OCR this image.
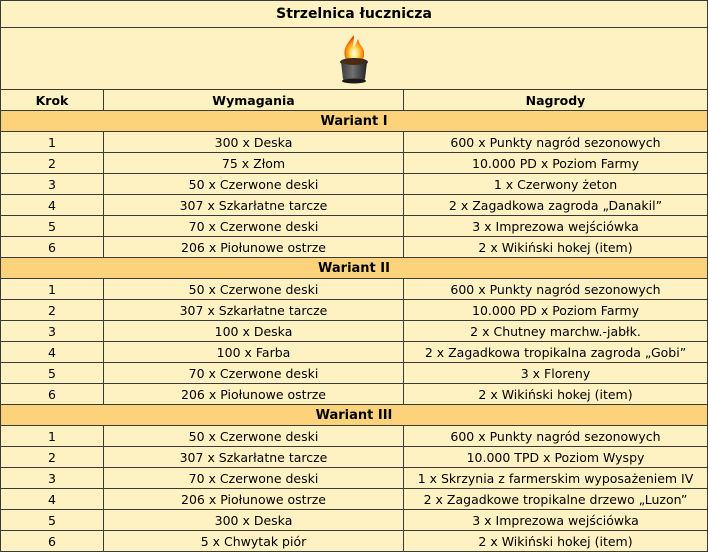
Strzelnica łucznicza
Krok	Wymagania	Nagrody
Wariant I
1	300 x Deska	600 x Punkty nagród sezonowych
2	75 x Złom	10.000 PD x Poziom Farmy
3	50 x Czerwone deski	1 x Czerwony żeton
4	307 x Szkarłatne tarcze	2 x Zagadkowa zagroda „Danakil”
5	70 x Czerwone deski	3 x Imprezowa wejściówka
6	206 x Piołunowe ostrze	2 x Wikiński hokej (item)
Wariant II
1	50 x Czerwone deski	600 x Punkty nagród sezonowych
2	307 x Szkarłatne tarcze	10.000 PD x Poziom Farmy
3	100 x Deska	2 x Chutney marchw.-jabłk.
4	100 x Farba	2 x Zagadkowa tropikalna zagroda „Gobi”
5	70 x Czerwone deski	3 x Floreny
6	206 x Piołunowe ostrze	2 x Wikiński hokej (item)
Wariant III
1	50 x Czerwone deski	600 x Punkty nagród sezonowych
2	307 x Szkarłatne tarcze	10.000 TPD x Poziom Wyspy
3	70 x Czerwone deski	1 x Skrzynia z farmerskim wyposażeniem IV
4	206 x Piołunowe ostrze	2 x Zagadkowe tropikalne drzewo „Luzon”
5	300 x Deska	3 x Imprezowa wejściówka
6	5 x Chwytak piór	2 x Wikiński hokej (item)
